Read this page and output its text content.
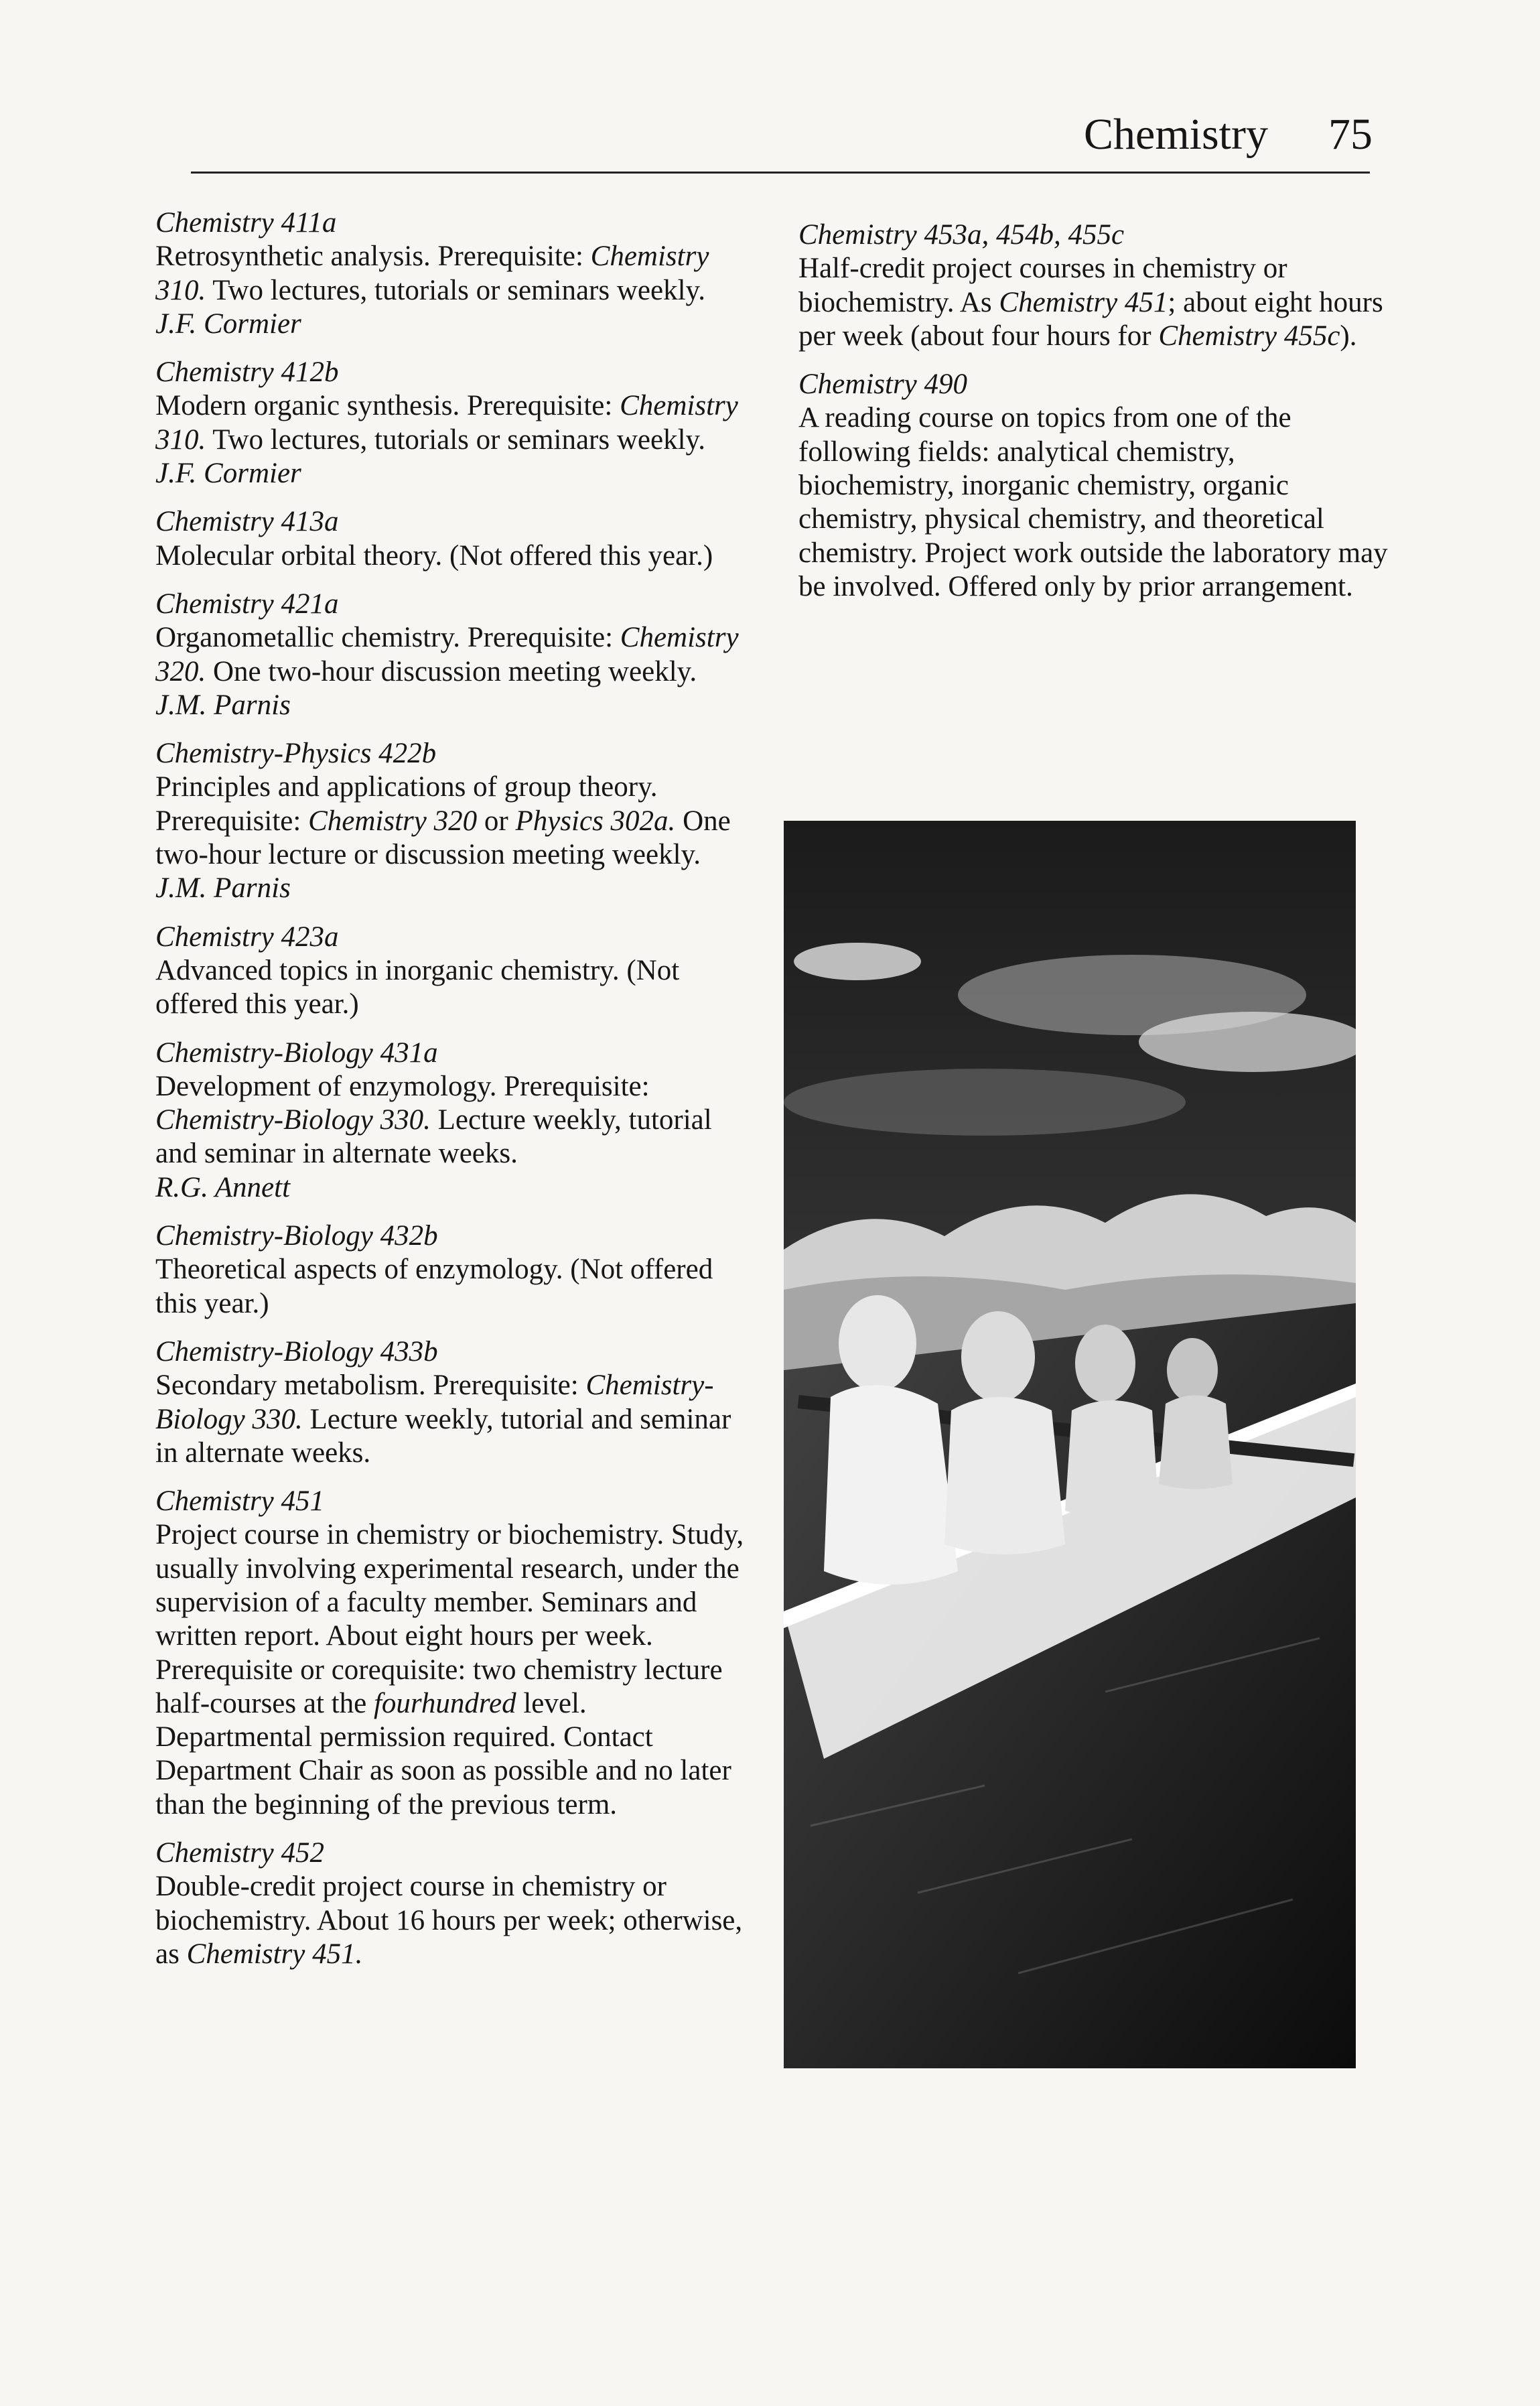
Chemistry 75
Chemistry 411a
Retrosynthetic analysis. Prerequisite: Chemistry 310. Two lectures, tutorials or seminars weekly.
J.F. Cormier
Chemistry 412b
Modern organic synthesis. Prerequisite: Chemistry 310. Two lectures, tutorials or seminars weekly.
J.F. Cormier
Chemistry 413a
Molecular orbital theory. (Not offered this year.)
Chemistry 421a
Organometallic chemistry. Prerequisite: Chemistry 320. One two-hour discussion meeting weekly.
J.M. Parnis
Chemistry-Physics 422b
Principles and applications of group theory. Prerequisite: Chemistry 320 or Physics 302a. One two-hour lecture or discussion meeting weekly.
J.M. Parnis
Chemistry 423a
Advanced topics in inorganic chemistry. (Not offered this year.)
Chemistry-Biology 431a
Development of enzymology. Prerequisite: Chemistry-Biology 330. Lecture weekly, tutorial and seminar in alternate weeks.
R.G. Annett
Chemistry-Biology 432b
Theoretical aspects of enzymology. (Not offered this year.)
Chemistry-Biology 433b
Secondary metabolism. Prerequisite: Chemistry-Biology 330. Lecture weekly, tutorial and seminar in alternate weeks.
Chemistry 451
Project course in chemistry or biochemistry. Study, usually involving experimental research, under the supervision of a faculty member. Seminars and written report. About eight hours per week. Prerequisite or corequisite: two chemistry lecture half-courses at the fourhundred level. Departmental permission required. Contact Department Chair as soon as possible and no later than the beginning of the previous term.
Chemistry 452
Double-credit project course in chemistry or biochemistry. About 16 hours per week; otherwise, as Chemistry 451.
Chemistry 453a, 454b, 455c
Half-credit project courses in chemistry or biochemistry. As Chemistry 451; about eight hours per week (about four hours for Chemistry 455c).
Chemistry 490
A reading course on topics from one of the following fields: analytical chemistry, biochemistry, inorganic chemistry, organic chemistry, physical chemistry, and theoretical chemistry. Project work outside the laboratory may be involved. Offered only by prior arrangement.
